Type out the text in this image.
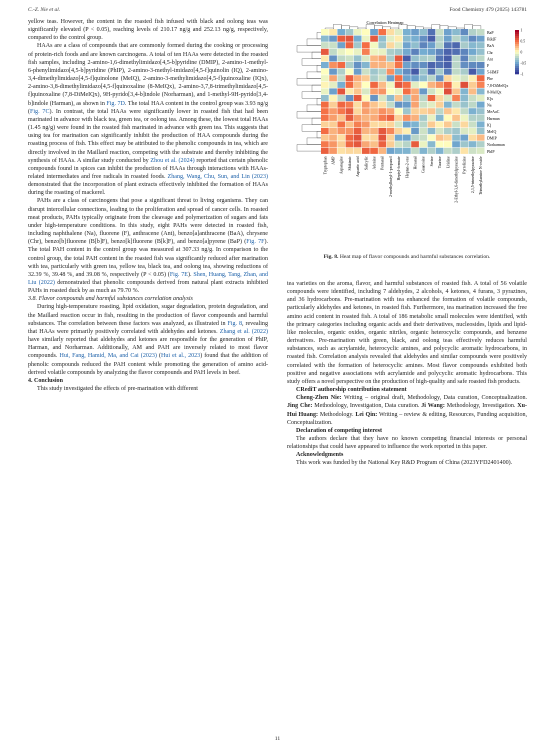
C.-Z. Nie et al.	Food Chemistry 479 (2025) 143781

yellow teas. However, the content in the roasted fish infused with black and oolong teas was significantly elevated (P < 0.05), reaching levels of 210.17 ng/g and 252.13 ng/g, respectively, compared to the control group.

HAAs are a class of compounds that are commonly formed during the cooking or processing of protein-rich foods and are known carcinogens. A total of ten HAAs were detected in the roasted fish samples, including 2-amino-1,6-dimethylimidazo[4,5-b]pyridine (DMIP), 2-amino-1-methyl-6-phenylimidazo[4,5-b]pyridine (PhIP), 2-amino-3-methyl-imidazo[4,5-f]quinolin (IQ), 2-amino-3,4-dimethylimidazo[4,5-f]quinolone (MeIQ), 2-amino-3-methylimidazo[4,5-f]quinoxaline (IQx), 2-amino-3,8-dimethylimidazo[4,5-f]quinoxaline (8-MeIQx), 2-amino-3,7,8-trimethylimidazo[4,5-f]quinoxaline (7,8-DiMeIQx), 9H-pyrido[3,4-b]indole (Norharman), and 1-methyl-9H-pyrido[3,4-b]indole (Harman), as shown in Fig. 7D. The total HAA content in the control group was 3.93 ng/g (Fig. 7C). In contrast, the total HAAs were significantly lower in roasted fish that had been marinated in advance with black tea, green tea, or oolong tea. Among these, the lowest total HAAs (1.45 ng/g) were found in the roasted fish marinated in advance with green tea. This suggests that using tea for marination can significantly inhibit the production of HAA compounds during the roasting process of fish. This effect may be attributed to the phenolic compounds in tea, which are directly involved in the Maillard reaction, competing with the substrate and thereby inhibiting the synthesis of HAAs. A similar study conducted by Zhou et al. (2024) reported that certain phenolic compounds found in spices can inhibit the production of HAAs through interactions with HAAs-related intermediates and free radicals in roasted foods. Zhang, Wang, Chu, Sun, and Lin (2023) demonstrated that the incorporation of plant extracts effectively inhibited the formation of HAAs during the roasting of mackerel.

PAHs are a class of carcinogens that pose a significant threat to living organisms. They can disrupt intercellular connections, leading to the proliferation and spread of cancer cells. In roasted meat products, PAHs typically originate from the cleavage and polymerization of sugars and fats under high-temperature conditions. In this study, eight PAHs were detected in roasted fish, including naphthalene (Na), fluorene (F), anthracene (Ant), benzo[a]anthracene (BaA), chrysene (Chr), benzo[b]fluorene (B[b]F), benzo[k]fluorene (B[k]F), and benzo[a]pyrene (BaP) (Fig. 7F). The total PAH content in the control group was measured at 307.33 ng/g. In comparison to the control group, the total PAH content in the roasted fish was significantly reduced after marination with tea, particularly with green tea, yellow tea, black tea, and oolong tea, showing reductions of 32.39 %, 39.48 %, and 39.08 %, respectively (P < 0.05) (Fig. 7E). Shen, Huang, Tang, Zhan, and Liu (2022) demonstrated that phenolic compounds derived from natural plant extracts inhibited PAHs in roasted duck by as much as 79.70 %.

3.8. Flavor compounds and harmful substances correlation analysis

During high-temperature roasting, lipid oxidation, sugar degradation, protein degradation, and the Maillard reaction occur in fish, resulting in the production of flavor compounds and harmful substances. The correlation between these factors was analyzed, as illustrated in Fig. 8, revealing that HAAs were primarily positively correlated with aldehydes and ketones. Zhang et al. (2022) have similarly reported that aldehydes and ketones are responsible for the generation of PhIP, Harman, and Norharman. Additionally, AM and PAH are inversely related to most flavor compounds. Hui, Fang, Hamid, Ma, and Cai (2023) (Hui et al., 2023) found that the addition of phenolic compounds reduced the PAH content while promoting the generation of amino acid-derived volatile compounds by analyzing the flavor compounds and PAH levels in beef.

4. Conclusion

This study investigated the effects of pre-marination with different

Correlation Heatmap
BaP
B[k]F
BaA
Chr
Ant
F
5-HMF
Phe
7,8-DiMeIQx
8-MeIQx
IQx
Na
MeAaC
Harman
IQ
MeIQ
DMIP
Norharman
PhIP
Tryptophan AMP Asparagine Shikimic Aspartic acid Salicylic Adenine Pentanal 2-methylbutyl-1-propanol Heptyl-formate Heptan-2-one Hexanal Guanosine Serine Taurine Uridine 2-Ethyl-3,6-dimethylpyrazine Pyrrolizine 2,3,5-trimethylpyrazine Trimethylamine N-oxide
1
0.5
0
-0.5
-1
Fig. 8. Heat map of flavor compounds and harmful substances correlation.

tea varieties on the aroma, flavor, and harmful substances of roasted fish. A total of 56 volatile compounds were identified, including 7 aldehydes, 2 alcohols, 4 ketones, 4 furans, 3 pyrazines, and 36 hydrocarbons. Pre-marination with tea enhanced the formation of volatile compounds, particularly aldehydes and ketones, in roasted fish. Furthermore, tea marination increased the free amino acid content in roasted fish. A total of 186 metabolic small molecules were identified, with the primary categories including organic acids and their derivatives, nucleosides, lipids and lipid-like molecules, organic oxides, organic nitriles, organic heterocyclic compounds, and benzene derivatives. Pre-marination with green, black, and oolong teas effectively reduces harmful substances, such as acrylamide, heterocyclic amines, and polycyclic aromatic hydrocarbons, in roasted fish. Correlation analysis revealed that aldehydes and similar compounds were positively correlated with the formation of heterocyclic amines. Most flavor compounds exhibited both positive and negative associations with acrylamide and polycyclic aromatic hydrocarbons. This study offers a novel perspective on the production of high-quality and safe roasted fish products.

CRediT authorship contribution statement

Cheng-Zhen Nie: Writing – original draft, Methodology, Data curation, Conceptualization. Jing Che: Methodology, Investigation, Data curation. Ji Wang: Methodology, Investigation. Xu-Hui Huang: Methodology. Lei Qin: Writing – review & editing, Resources, Funding acquisition, Conceptualization.

Declaration of competing interest

The authors declare that they have no known competing financial interests or personal relationships that could have appeared to influence the work reported in this paper.

Acknowledgments

This work was funded by the National Key R&D Program of China (2023YFD2401400).

11
